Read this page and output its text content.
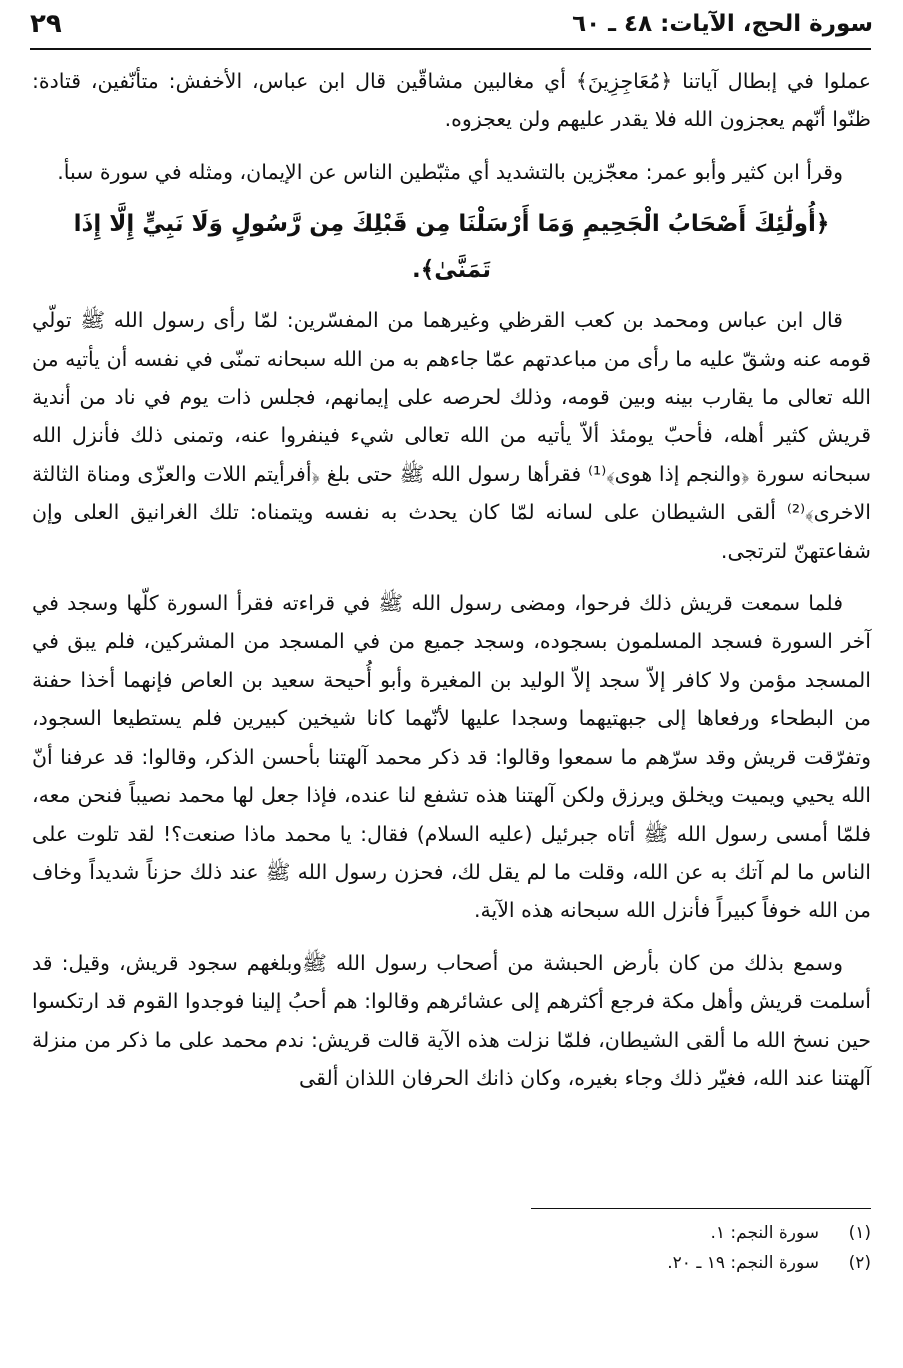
سورة الحج، الآيات: ٤٨ ـ ٦٠
٢٩

عملوا في إبطال آياتنا ﴿مُعَاجِزِينَ﴾ أي مغالبين مشاقّين قال ابن عباس، الأخفش: متأنّفين، قتادة: ظنّوا أنّهم يعجزون الله فلا يقدر عليهم ولن يعجزوه.

وقرأ ابن كثير وأبو عمر: معجّزين بالتشديد أي مثبّطين الناس عن الإيمان، ومثله في سورة سبأ.

﴿أُولَٰئِكَ أَصْحَابُ الْجَحِيمِ وَمَا أَرْسَلْنَا مِن قَبْلِكَ مِن رَّسُولٍ وَلَا نَبِيٍّ إِلَّا إِذَا تَمَنَّىٰ﴾.

قال ابن عباس ومحمد بن كعب القرظي وغيرهما من المفسّرين: لمّا رأى رسول الله ﷺ تولّي قومه عنه وشقّ عليه ما رأى من مباعدتهم عمّا جاءهم به من الله سبحانه تمنّى في نفسه أن يأتيه من الله تعالى ما يقارب بينه وبين قومه، وذلك لحرصه على إيمانهم، فجلس ذات يوم في ناد من أندية قريش كثير أهله، فأحبّ يومئذ ألاّ يأتيه من الله تعالى شيء فينفروا عنه، وتمنى ذلك فأنزل الله سبحانه سورة ﴿والنجم إذا هوى﴾⁽¹⁾ فقرأها رسول الله ﷺ حتى بلغ ﴿أفرأيتم اللات والعزّى ومناة الثالثة الاخرى﴾⁽²⁾ ألقى الشيطان على لسانه لمّا كان يحدث به نفسه ويتمناه: تلك الغرانيق العلى وإن شفاعتهنّ لترتجى.

فلما سمعت قريش ذلك فرحوا، ومضى رسول الله ﷺ في قراءته فقرأ السورة كلّها وسجد في آخر السورة فسجد المسلمون بسجوده، وسجد جميع من في المسجد من المشركين، فلم يبق في المسجد مؤمن ولا كافر إلاّ سجد إلاّ الوليد بن المغيرة وأبو أُحيحة سعيد بن العاص فإنهما أخذا حفنة من البطحاء ورفعاها إلى جبهتيهما وسجدا عليها لأنّهما كانا شيخين كبيرين فلم يستطيعا السجود، وتفرّقت قريش وقد سرّهم ما سمعوا وقالوا: قد ذكر محمد آلهتنا بأحسن الذكر، وقالوا: قد عرفنا أنّ الله يحيي ويميت ويخلق ويرزق ولكن آلهتنا هذه تشفع لنا عنده، فإذا جعل لها محمد نصيباً فنحن معه، فلمّا أمسى رسول الله ﷺ أتاه جبرئيل (عليه السلام) فقال: يا محمد ماذا صنعت؟! لقد تلوت على الناس ما لم آتك به عن الله، وقلت ما لم يقل لك، فحزن رسول الله ﷺ عند ذلك حزناً شديداً وخاف من الله خوفاً كبيراً فأنزل الله سبحانه هذه الآية.

وسمع بذلك من كان بأرض الحبشة من أصحاب رسول الله ﷺوبلغهم سجود قريش، وقيل: قد أسلمت قريش وأهل مكة فرجع أكثرهم إلى عشائرهم وقالوا: هم أحبُ إلينا فوجدوا القوم قد ارتكسوا حين نسخ الله ما ألقى الشيطان، فلمّا نزلت هذه الآية قالت قريش: ندم محمد على ما ذكر من منزلة آلهتنا عند الله، فغيّر ذلك وجاء بغيره، وكان ذانك الحرفان اللذان ألقى

(١)
سورة النجم: ١.
(٢)
سورة النجم: ١٩ ـ ٢٠.
